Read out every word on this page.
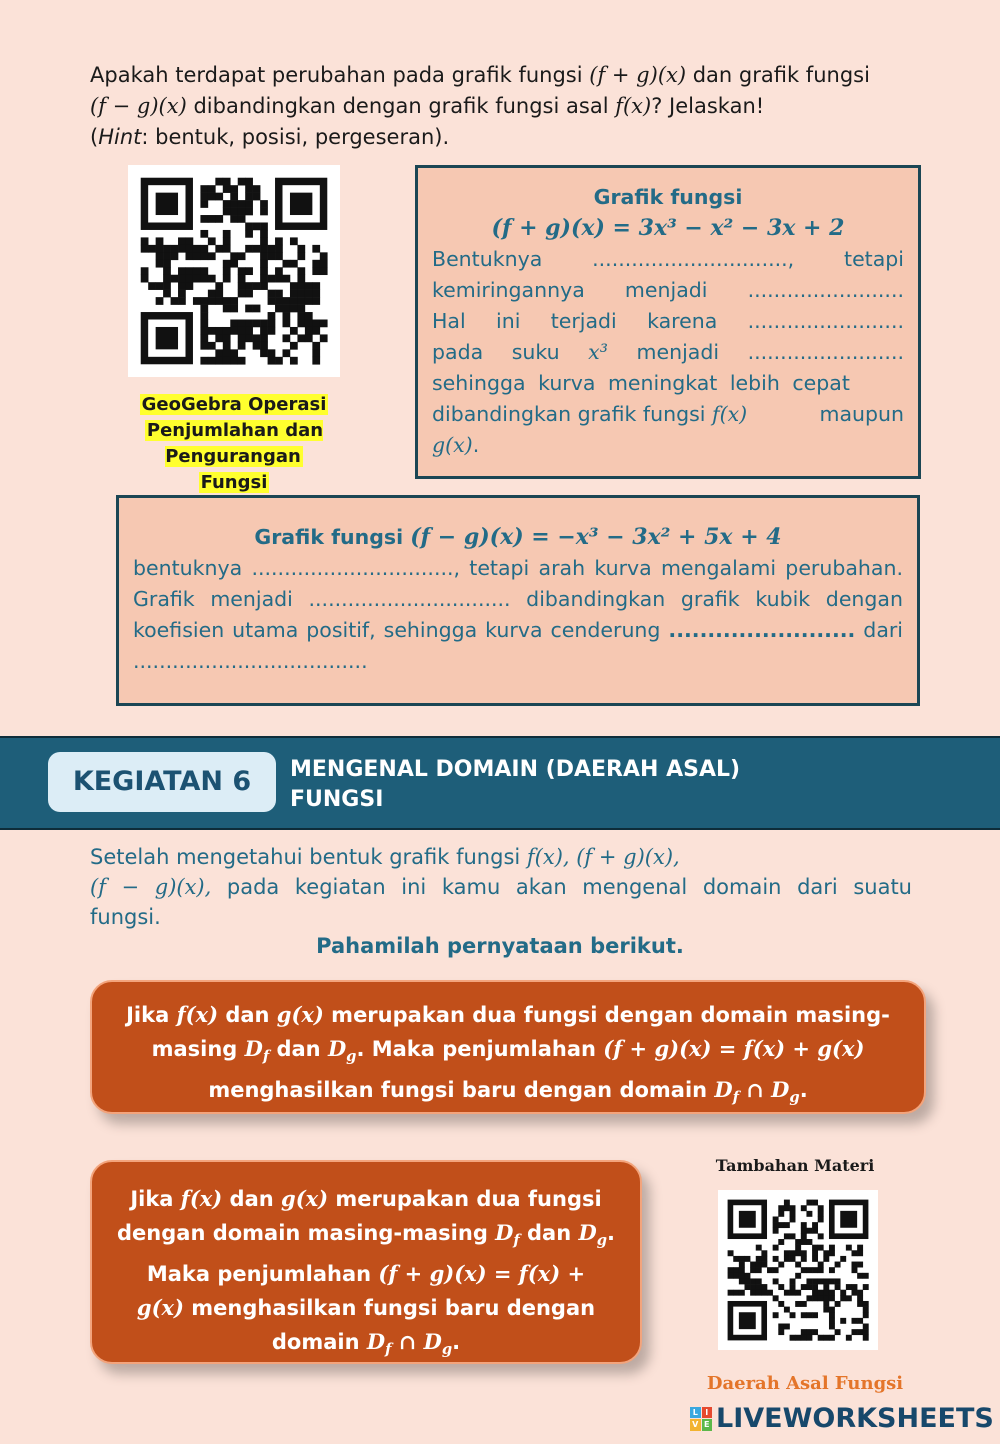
Apakah terdapat perubahan pada grafik fungsi (f + g)(x) dan grafik fungsi

(f − g)(x) dibandingkan dengan grafik fungsi asal f(x)? Jelaskan!

(Hint: bentuk, posisi, pergeseran).

GeoGebra Operasi
Penjumlahan dan Pengurangan
Fungsi
Grafik fungsi
(f + g)(x) = 3x³ − x² − 3x + 2
Bentuknya .............................., tetapi
kemiringannya menjadi ........................
Hal ini terjadi karena ........................
pada suku x³ menjadi ........................
sehingga kurva meningkat lebih cepat
dibandingkan grafik fungsi f(x)	maupun
g(x).
Grafik fungsi (f − g)(x) = −x³ − 3x² + 5x + 4
bentuknya ..............................., tetapi arah kurva mengalami perubahan. Grafik menjadi ............................... dibandingkan grafik kubik dengan koefisien utama positif, sehingga kurva cenderung ........................ dari ....................................
KEGIATAN 6	MENGENAL DOMAIN (DAERAH ASAL)
FUNGSI

Setelah mengetahui bentuk grafik fungsi f(x), (f + g)(x),

(f − g)(x), pada kegiatan ini kamu akan mengenal domain dari suatu

fungsi.

Pahamilah pernyataan berikut.
Jika f(x) dan g(x) merupakan dua fungsi dengan domain masing-
masing $D_f$ dan $D_g$. Maka penjumlahan (f + g)(x) = f(x) + g(x)
menghasilkan fungsi baru dengan domain $D_f$ ∩ $D_g$.
Jika f(x) dan g(x) merupakan dua fungsi
dengan domain masing-masing $D_f$ dan $D_g$.
Maka penjumlahan (f + g)(x) = f(x) +
g(x) menghasilkan fungsi baru dengan
domain $D_f$ ∩ $D_g$.
Tambahan Materi
Daerah Asal Fungsi
L I
V E LIVEWORKSHEETS
